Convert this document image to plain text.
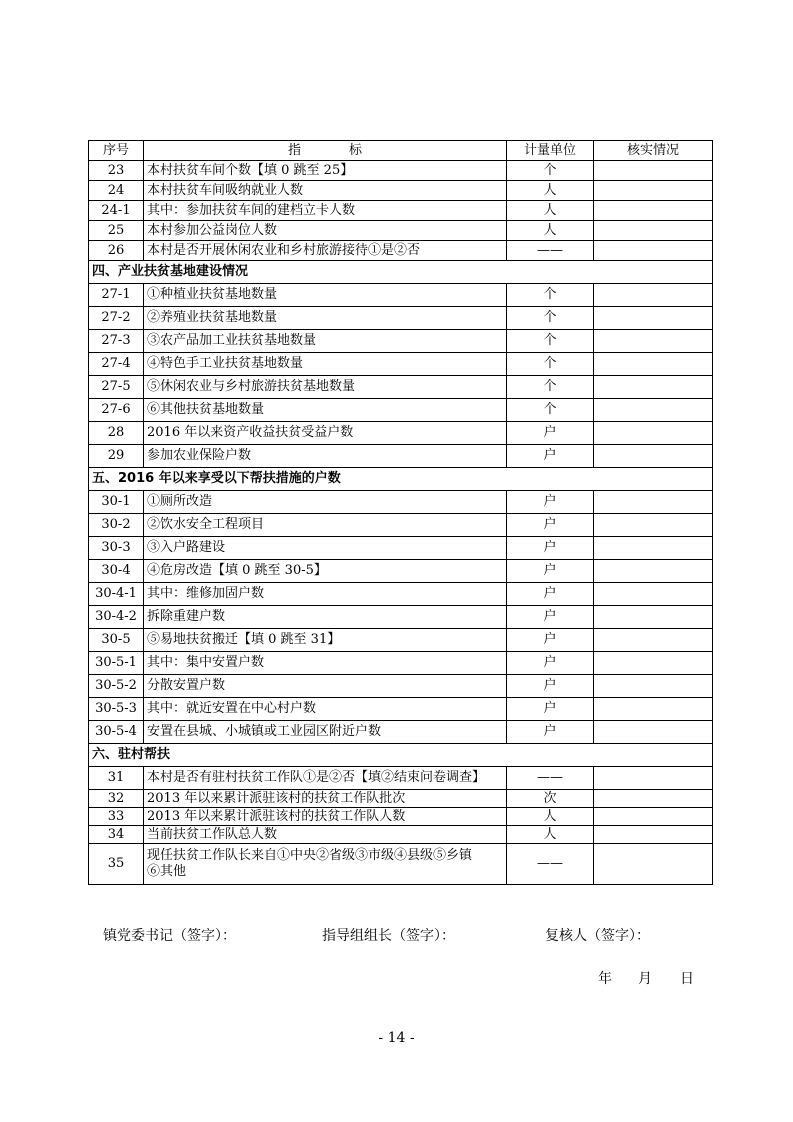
序号	指 标	计量单位	核实情况
23	本村扶贫车间个数【填 0 跳至 25】	个	
24	本村扶贫车间吸纳就业人数	人	
24-1	其中：参加扶贫车间的建档立卡人数	人	
25	本村参加公益岗位人数	人	
26	本村是否开展休闲农业和乡村旅游接待①是②否	——	
四、产业扶贫基地建设情况			
27-1	①种植业扶贫基地数量	个	
27-2	②养殖业扶贫基地数量	个	
27-3	③农产品加工业扶贫基地数量	个	
27-4	④特色手工业扶贫基地数量	个	
27-5	⑤休闲农业与乡村旅游扶贫基地数量	个	
27-6	⑥其他扶贫基地数量	个	
28	2016 年以来资产收益扶贫受益户数	户	
29	参加农业保险户数	户	
五、2016 年以来享受以下帮扶措施的户数			
30-1	①厕所改造	户	
30-2	②饮水安全工程项目	户	
30-3	③入户路建设	户	
30-4	④危房改造【填 0 跳至 30-5】	户	
30-4-1	其中：维修加固户数	户	
30-4-2	拆除重建户数	户	
30-5	⑤易地扶贫搬迁【填 0 跳至 31】	户	
30-5-1	其中：集中安置户数	户	
30-5-2	分散安置户数	户	
30-5-3	其中：就近安置在中心村户数	户	
30-5-4	安置在县城、小城镇或工业园区附近户数	户	
六、驻村帮扶			
31	本村是否有驻村扶贫工作队①是②否【填②结束问卷调查】	——	
32	2013 年以来累计派驻该村的扶贫工作队批次	次	
33	2013 年以来累计派驻该村的扶贫工作队人数	人	
34	当前扶贫工作队总人数	人	
35	现任扶贫工作队长来自①中央②省级③市级④县级⑤乡镇
⑥其他	——	
镇党委书记（签字）：	指导组组长（签字）：	复核人（签字）：
年 月 日
- 14 -
